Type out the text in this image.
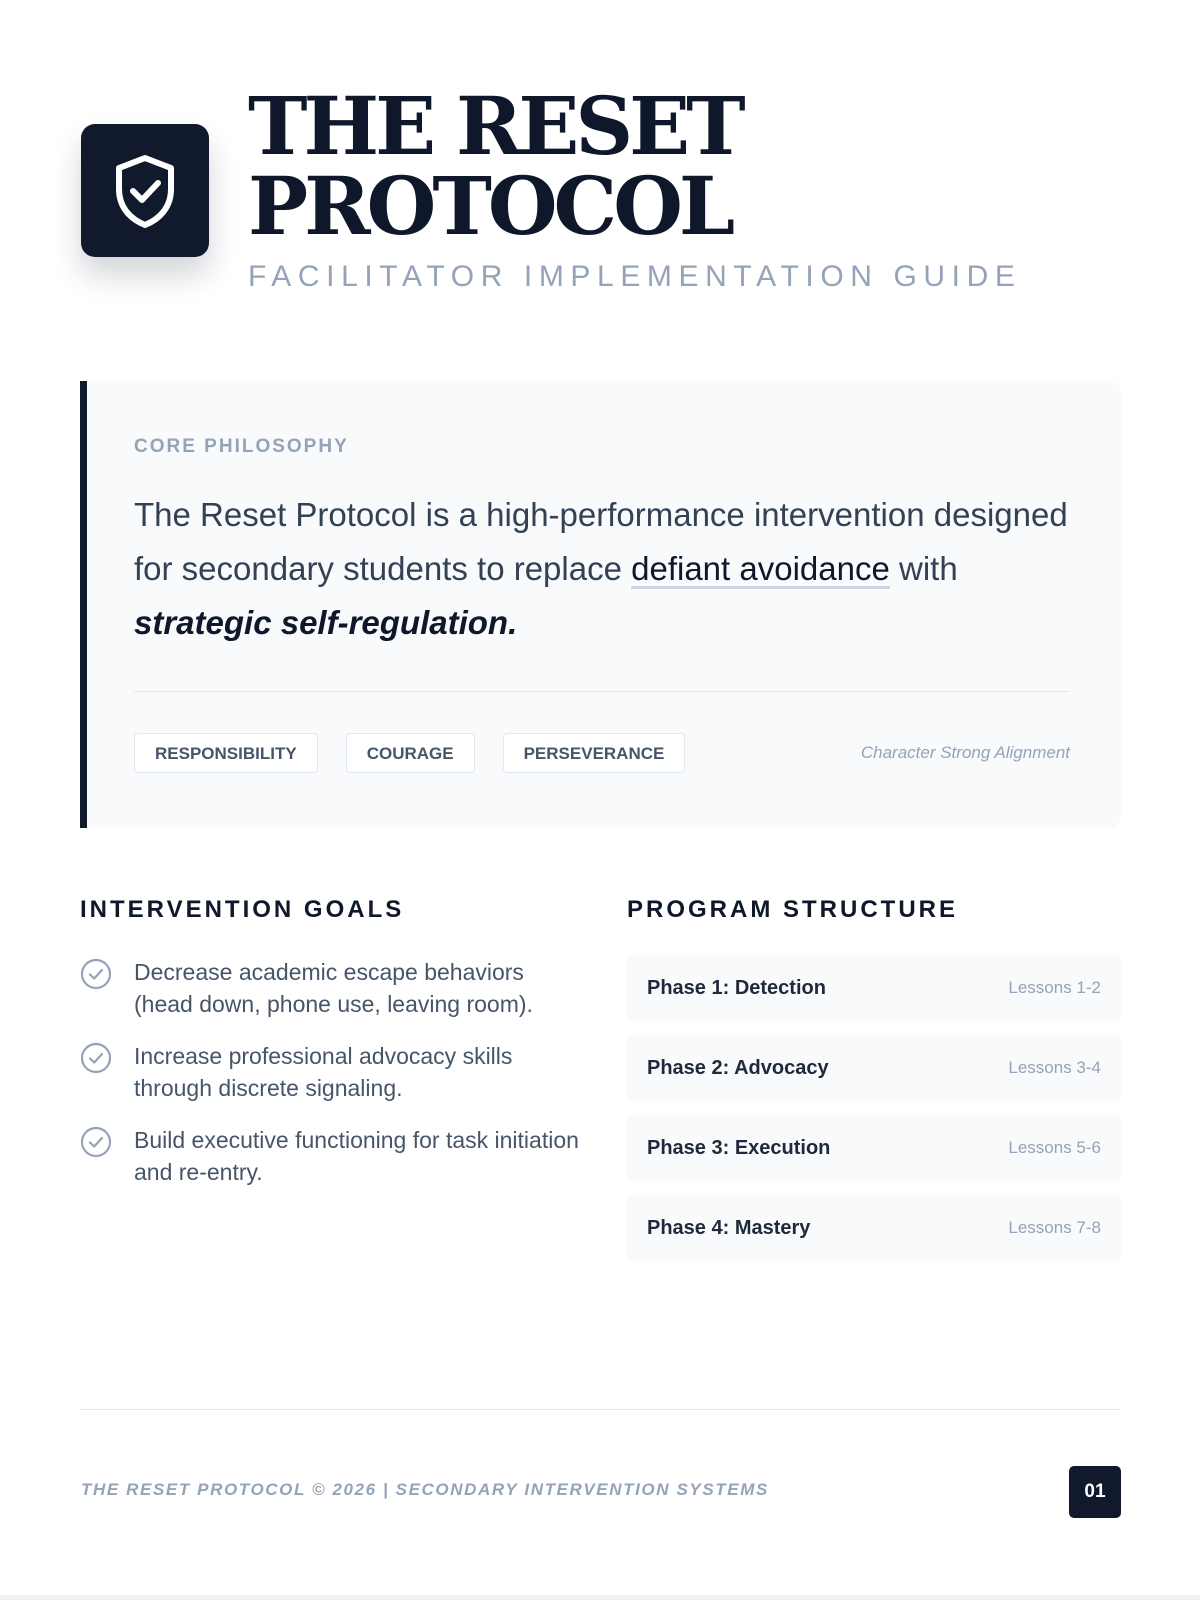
THE RESET
PROTOCOL
FACILITATOR IMPLEMENTATION GUIDE
CORE PHILOSOPHY

The Reset Protocol is a high-performance intervention designed for secondary students to replace defiant avoidance with strategic self-regulation.

RESPONSIBILITY	COURAGE	PERSEVERANCE	Character Strong Alignment
INTERVENTION GOALS
Decrease academic escape behaviors (head down, phone use, leaving room).
Increase professional advocacy skills through discrete signaling.
Build executive functioning for task initiation and re-entry.
PROGRAM STRUCTURE
Phase 1: Detection	Lessons 1-2
Phase 2: Advocacy	Lessons 3-4
Phase 3: Execution	Lessons 5-6
Phase 4: Mastery	Lessons 7-8
THE RESET PROTOCOL © 2026 | SECONDARY INTERVENTION SYSTEMS	01
